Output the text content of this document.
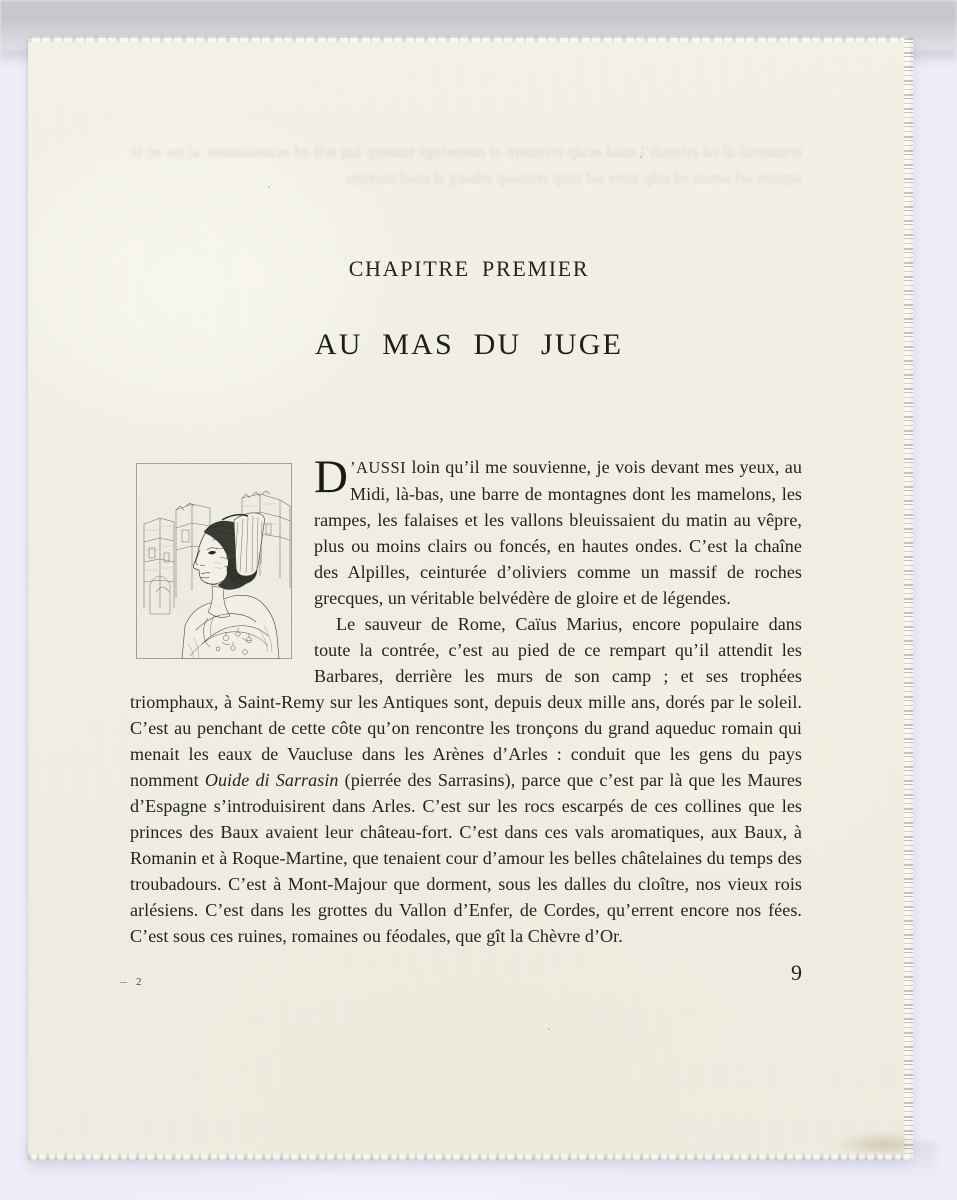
erutaréttil al ed eriotsih’l snad ecalp erèimerp al tnemelagé tnanerp iuq sell ed ecnassiannoc al tse ec te sepmet sel setuot ed sulp xuev sel ruop eriossap ednarg al snad tnavirra
CHAPITRE PREMIER
AU MAS DU JUGE

D ’AUSSI loin qu’il me souvienne, je vois devant mes yeux, au Midi, là-bas, une barre de montagnes dont les mamelons, les rampes, les falaises et les vallons bleuissaient du matin au vêpre, plus ou moins clairs ou foncés, en hautes ondes. C’est la chaîne des Alpilles, ceinturée d’oliviers comme un massif de roches grecques, un véritable belvédère de gloire et de légendes.

Le sauveur de Rome, Caïus Marius, encore populaire dans toute la contrée, c’est au pied de ce rempart qu’il attendit les Barbares, derrière les murs de son camp ; et ses trophées triomphaux, à Saint-Remy sur les Antiques sont, depuis deux mille ans, dorés par le soleil. C’est au penchant de cette côte qu’on rencontre les tronçons du grand aqueduc romain qui menait les eaux de Vaucluse dans les Arènes d’Arles : conduit que les gens du pays nomment Ouide di Sarrasin (pierrée des Sarrasins), parce que c’est par là que les Maures d’Espagne s’introduisirent dans Arles. C’est sur les rocs escarpés de ces collines que les princes des Baux avaient leur château-fort. C’est dans ces vals aromatiques, aux Baux, à Romanin et à Roque-Martine, que tenaient cour d’amour les belles châtelaines du temps des troubadours. C’est à Mont-Majour que dorment, sous les dalles du cloître, nos vieux rois arlésiens. C’est dans les grottes du Vallon d’Enfer, de Cordes, qu’errent encore nos fées. C’est sous ces ruines, romaines ou féodales, que gît la Chèvre d’Or.

2	9
